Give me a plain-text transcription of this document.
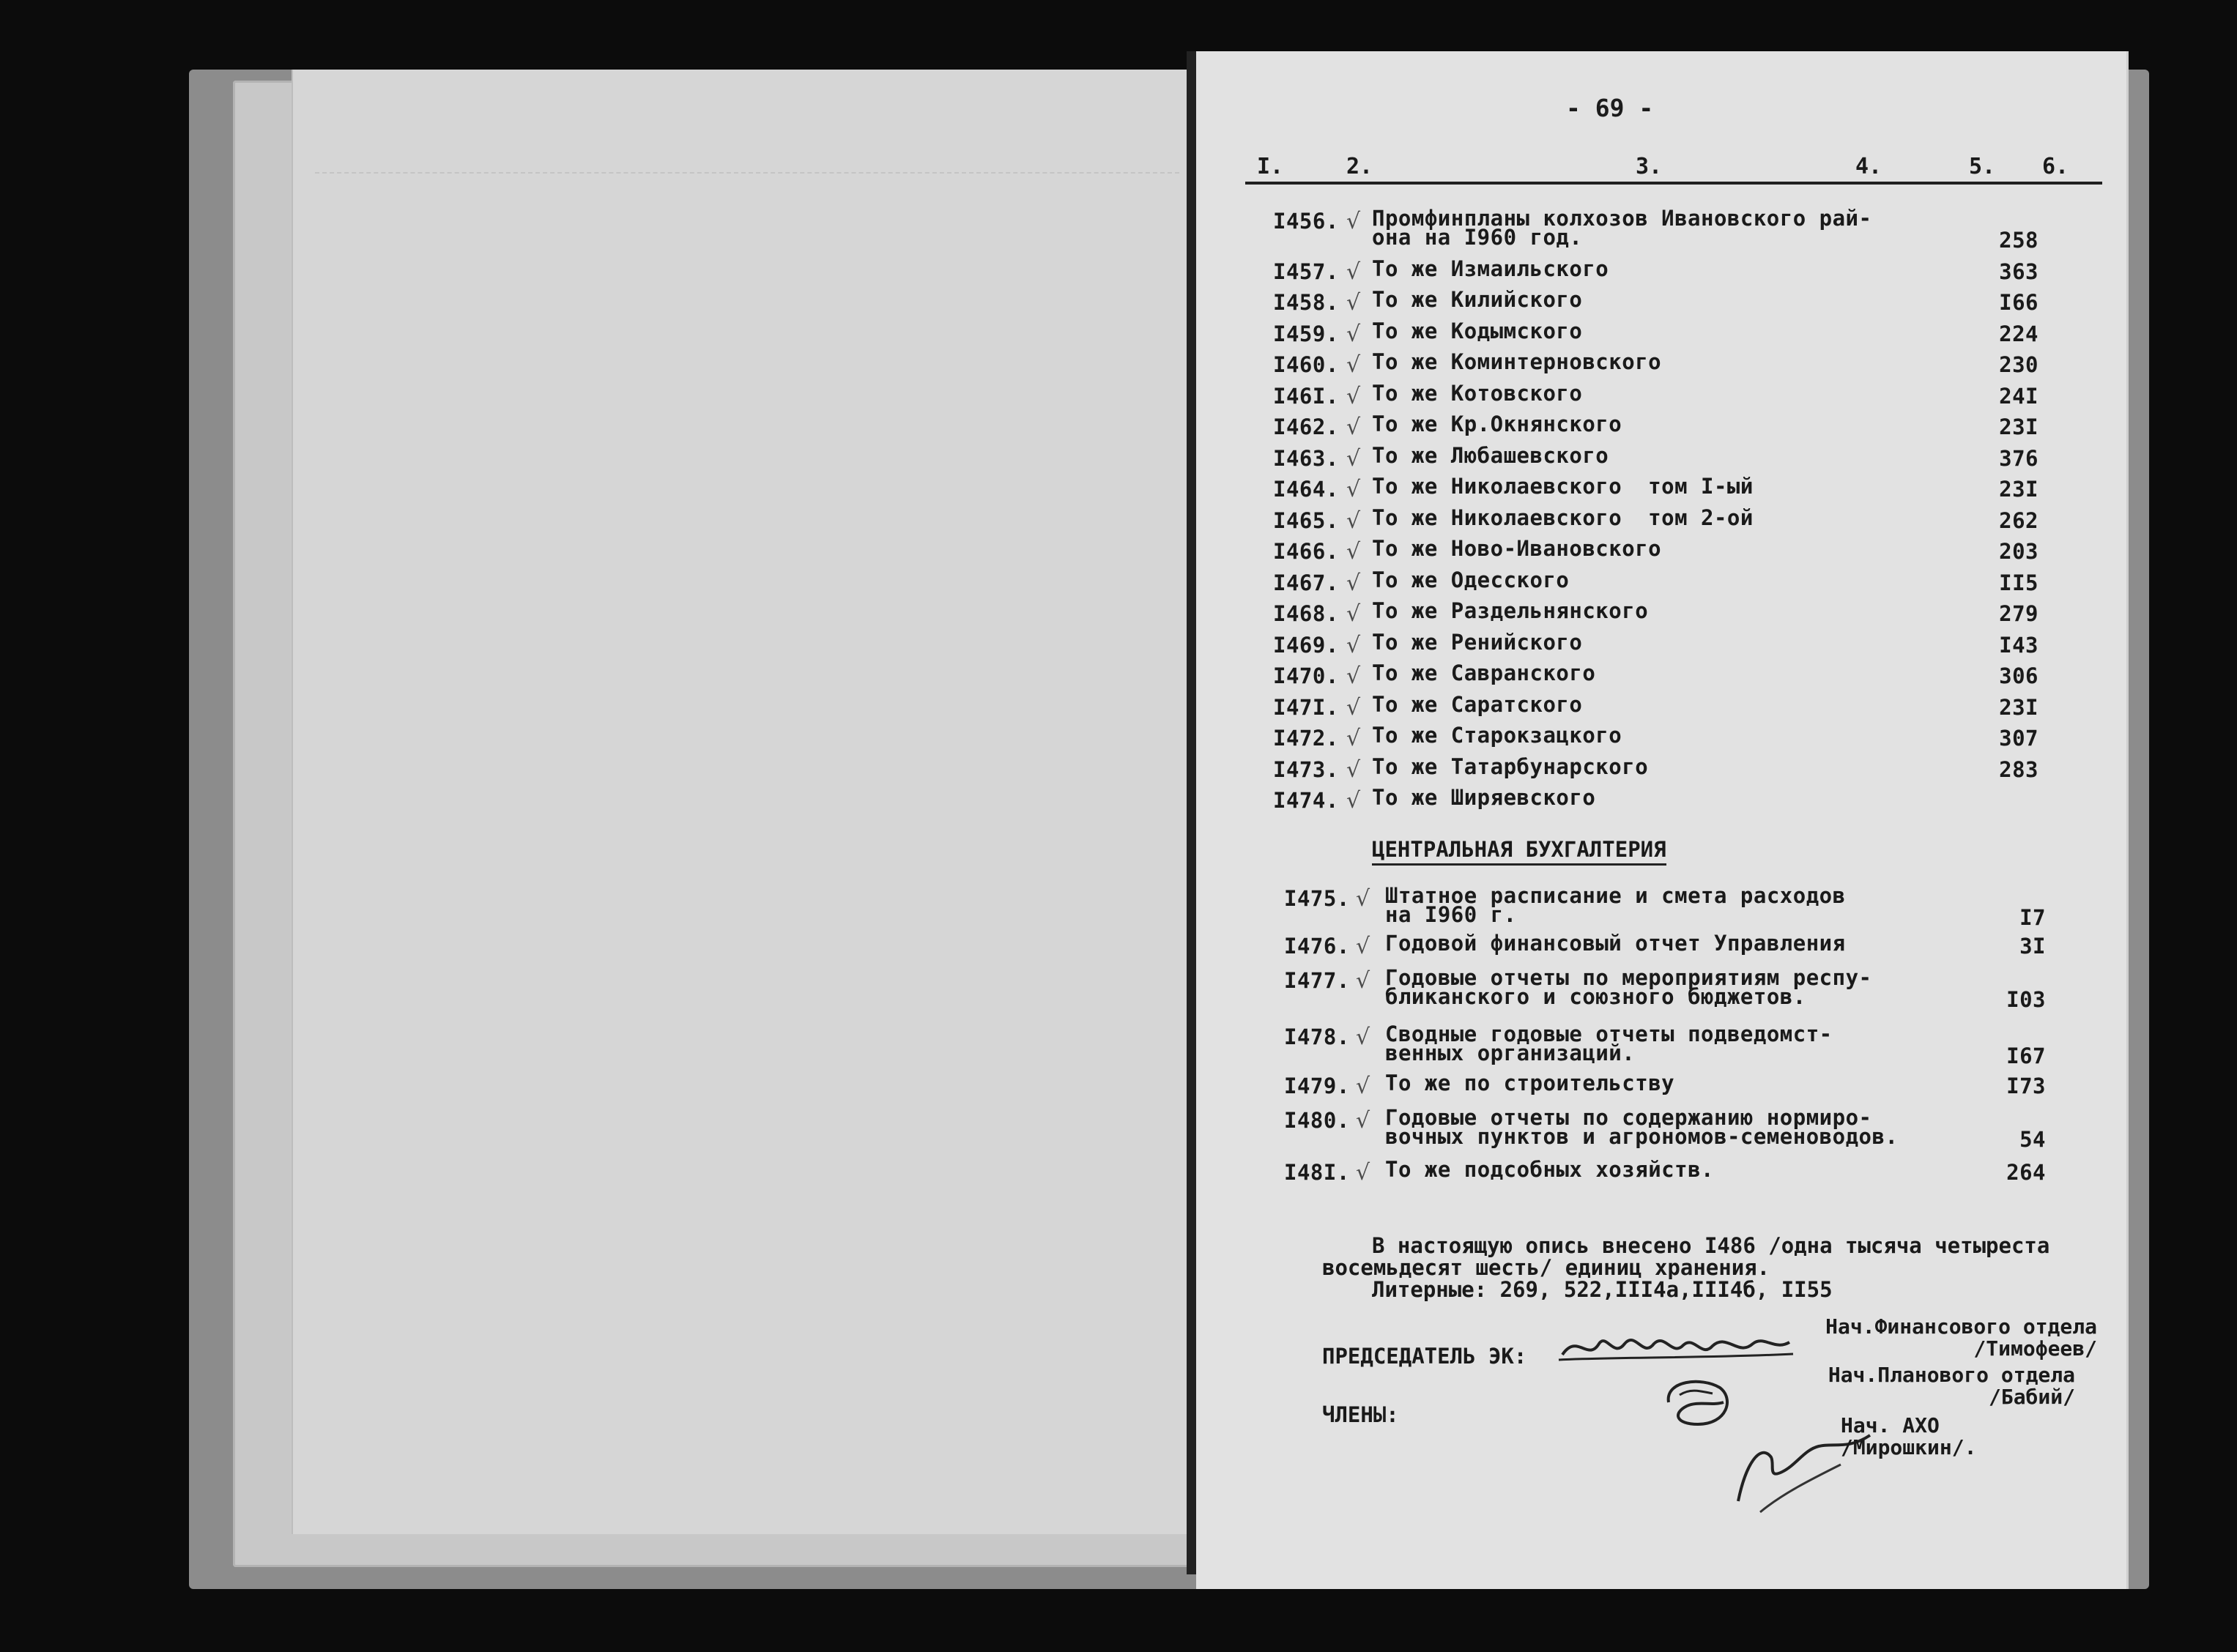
- 69 -
I.	2.	3.	4.	5. 6.
I456. √ Промфинпланы колхозов Ивановского рай-
она на I960 год.	258
I457. √ То же Измаильского	363
I458. √ То же Килийского	I66
I459. √ То же Кодымского	224
I460. √ То же Коминтерновского	230
I46I. √ То же Котовского	24I
I462. √ То же Кр.Окнянского	23I
I463. √ То же Любашевского	376
I464. √ То же Николаевского  том I-ый	23I
I465. √ То же Николаевского  том 2-ой	262
I466. √ То же Ново-Ивановского	203
I467. √ То же Одесского	II5
I468. √ То же Раздельнянского	279
I469. √ То же Ренийского	I43
I470. √ То же Савранского	306
I47I. √ То же Саратского	23I
I472. √ То же Старокзацкого	307
I473. √ То же Татарбунарского	283
I474. √ То же Ширяевского
ЦЕНТРАЛЬНАЯ БУХГАЛТЕРИЯ
I475. √ Штатное расписание и смета расходов
на I960 г.	I7
I476. √ Годовой финансовый отчет Управления	3I
I477. √ Годовые отчеты по мероприятиям респу-
бликанского и союзного бюджетов.	I03
I478. √ Сводные годовые отчеты подведомст-
венных организаций.	I67
I479. √ То же по строительству	I73
I480. √ Годовые отчеты по содержанию нормиро-
вочных пунктов и агрономов-семеноводов.	54
I48I. √ То же подсобных хозяйств.	264
В настоящую опись внесено I486 /одна тысяча четыреста
восемьдесят шесть/ единиц хранения.
Литерные: 269, 522,III4а,III4б, II55
ПРЕДСЕДАТЕЛЬ ЭК:
Нач.Финансового отдела
/Тимофеев/
ЧЛЕНЫ:
Нач.Планового отдела
/Бабий/
Нач. АХО
/Мирошкин/.
